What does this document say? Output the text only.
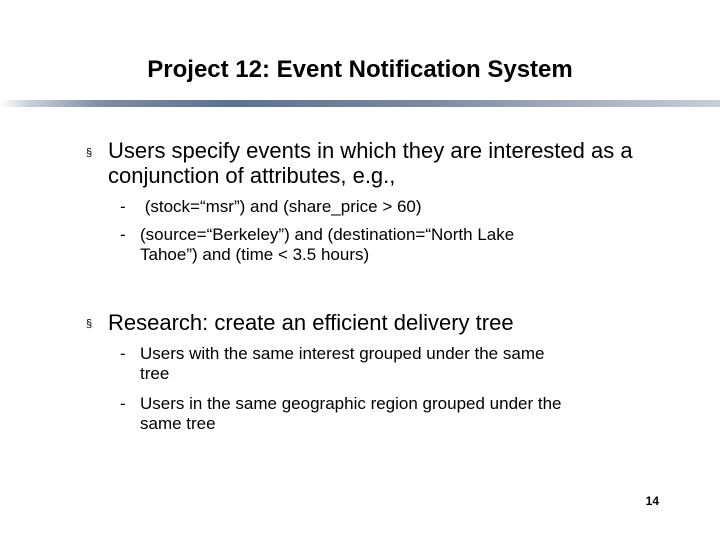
Project 12: Event Notification System
§ Users specify events in which they are interested as a conjunction of attributes, e.g.,

- (stock=“msr”) and (share_price > 60)

- (source=“Berkeley”) and (destination=“North Lake
Tahoe”) and (time < 3.5 hours)

§ Research: create an efficient delivery tree

- Users with the same interest grouped under the same
tree

- Users in the same geographic region grouped under the
same tree

14
